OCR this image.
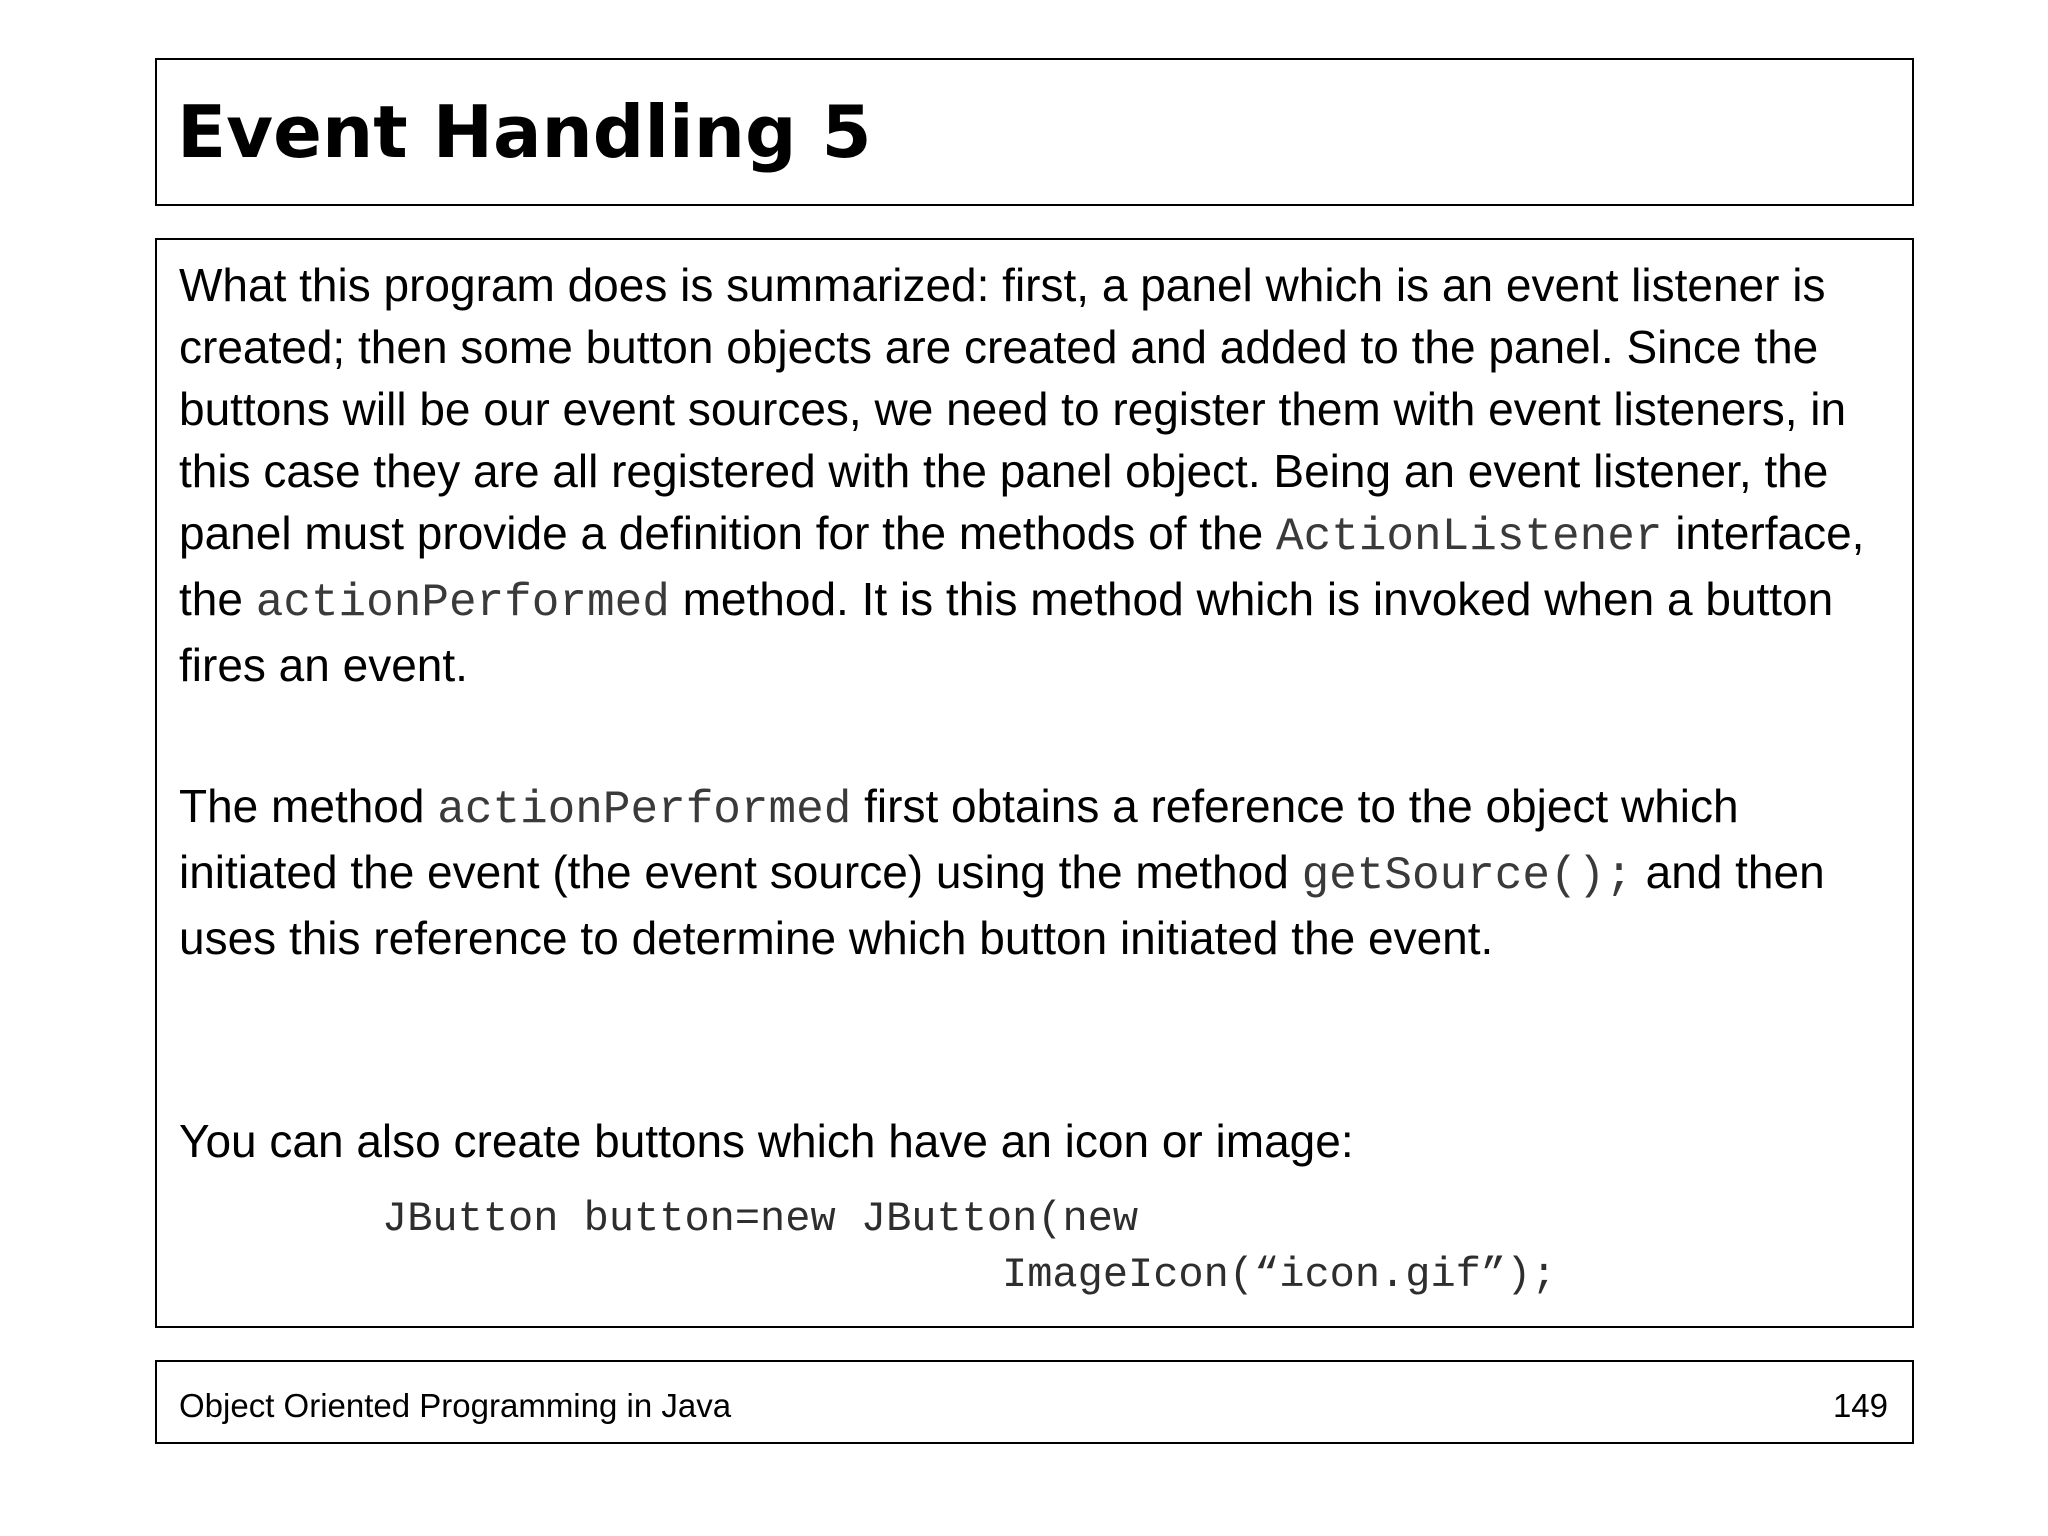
Event Handling 5

What this program does is summarized: first, a panel which is an event listener is created; then some button objects are created and added to the panel. Since the buttons will be our event sources, we need to register them with event listeners, in this case they are all registered with the panel object. Being an event listener, the panel must provide a definition for the methods of the ActionListener interface, the actionPerformed method. It is this method which is invoked when a button fires an event.

The method actionPerformed first obtains a reference to the object which initiated the event (the event source) using the method getSource(); and then uses this reference to determine which button initiated the event.

You can also create buttons which have an icon or image:

JButton button=new JButton(new
ImageIcon(“icon.gif”);

Object Oriented Programming in Java	149
